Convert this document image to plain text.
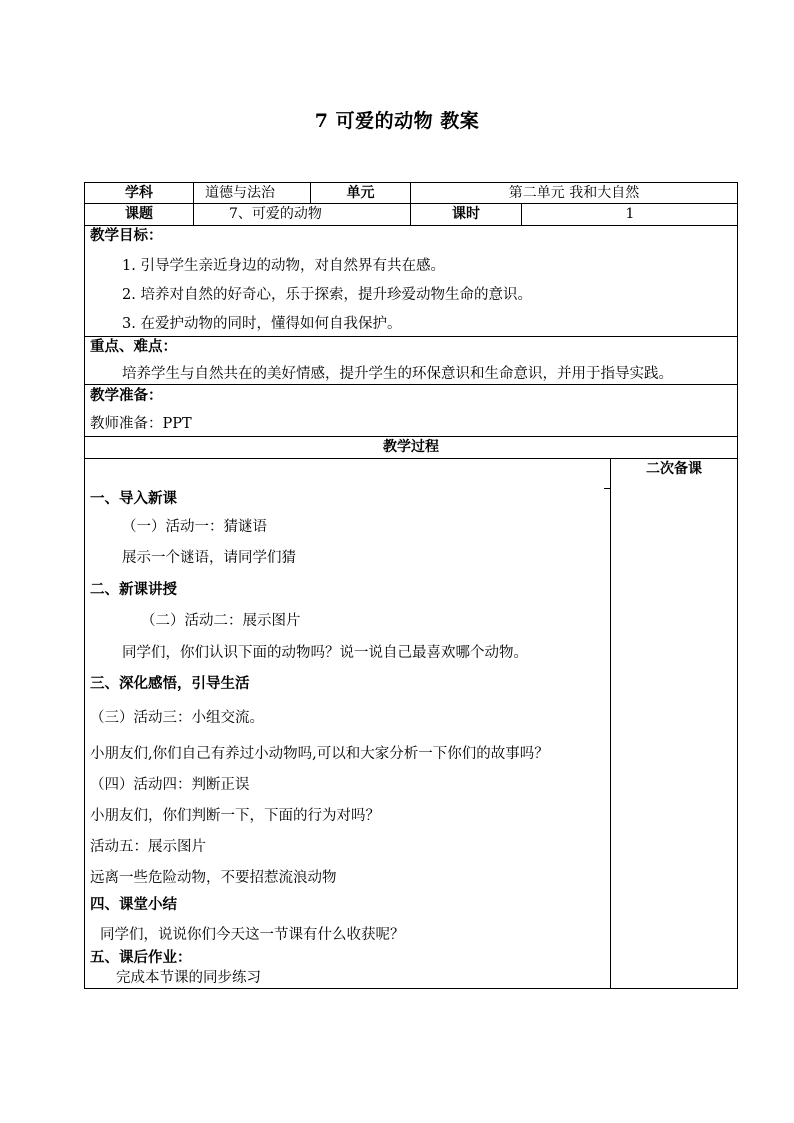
7 可爱的动物 教案
学科	道德与法治	单元	第二单元 我和大自然
课题	7、可爱的动物	课时	1
教学目标：
1. 引导学生亲近身边的动物，对自然界有共在感。
2. 培养对自然的好奇心，乐于探索，提升珍爱动物生命的意识。
3. 在爱护动物的同时，懂得如何自我保护。
重点、难点：
培养学生与自然共在的美好情感，提升学生的环保意识和生命意识，并用于指导实践。
教学准备：
教师准备：PPT
教学过程
二次备课
一、导入新课
（一）活动一：猜谜语
展示一个谜语，请同学们猜
二、新课讲授
（二）活动二：展示图片
同学们，你们认识下面的动物吗？说一说自己最喜欢哪个动物。
三、深化感悟，引导生活
（三）活动三：小组交流。
小朋友们,你们自己有养过小动物吗,可以和大家分析一下你们的故事吗？
（四）活动四：判断正误
小朋友们，你们判断一下，下面的行为对吗？
活动五：展示图片
远离一些危险动物，不要招惹流浪动物
四、课堂小结
同学们，说说你们今天这一节课有什么收获呢？
五、课后作业：
完成本节课的同步练习
